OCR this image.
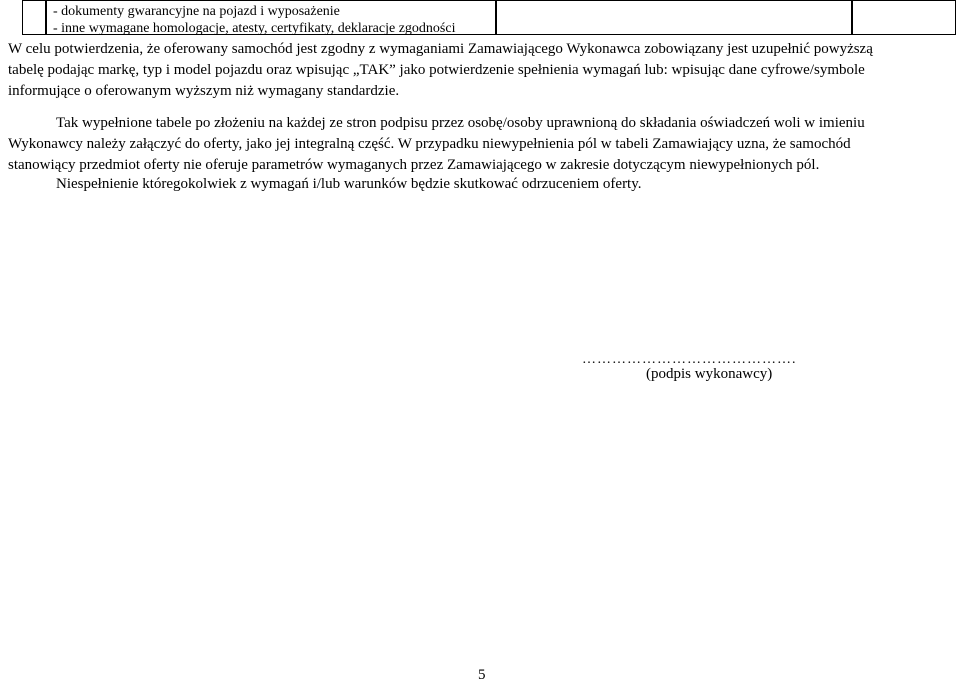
- dokumenty gwarancyjne na pojazd i wyposażenie
- inne wymagane homologacje, atesty, certyfikaty, deklaracje zgodności
W celu potwierdzenia, że oferowany samochód jest zgodny z wymaganiami Zamawiającego Wykonawca zobowiązany jest uzupełnić powyższą
tabelę podając markę, typ i model pojazdu oraz wpisując „TAK” jako potwierdzenie spełnienia wymagań lub: wpisując dane cyfrowe/symbole
informujące o oferowanym wyższym niż wymagany standardzie.
Tak wypełnione tabele po złożeniu na każdej ze stron podpisu przez osobę/osoby uprawnioną do składania oświadczeń woli w imieniu
Wykonawcy należy załączyć do oferty, jako jej integralną część. W przypadku niewypełnienia pól w tabeli Zamawiający uzna, że samochód
stanowiący przedmiot oferty nie oferuje parametrów wymaganych przez Zamawiającego w zakresie dotyczącym niewypełnionych pól.
Niespełnienie któregokolwiek z wymagań i/lub warunków będzie skutkować odrzuceniem oferty.
…………………………………….
(podpis wykonawcy)
5
